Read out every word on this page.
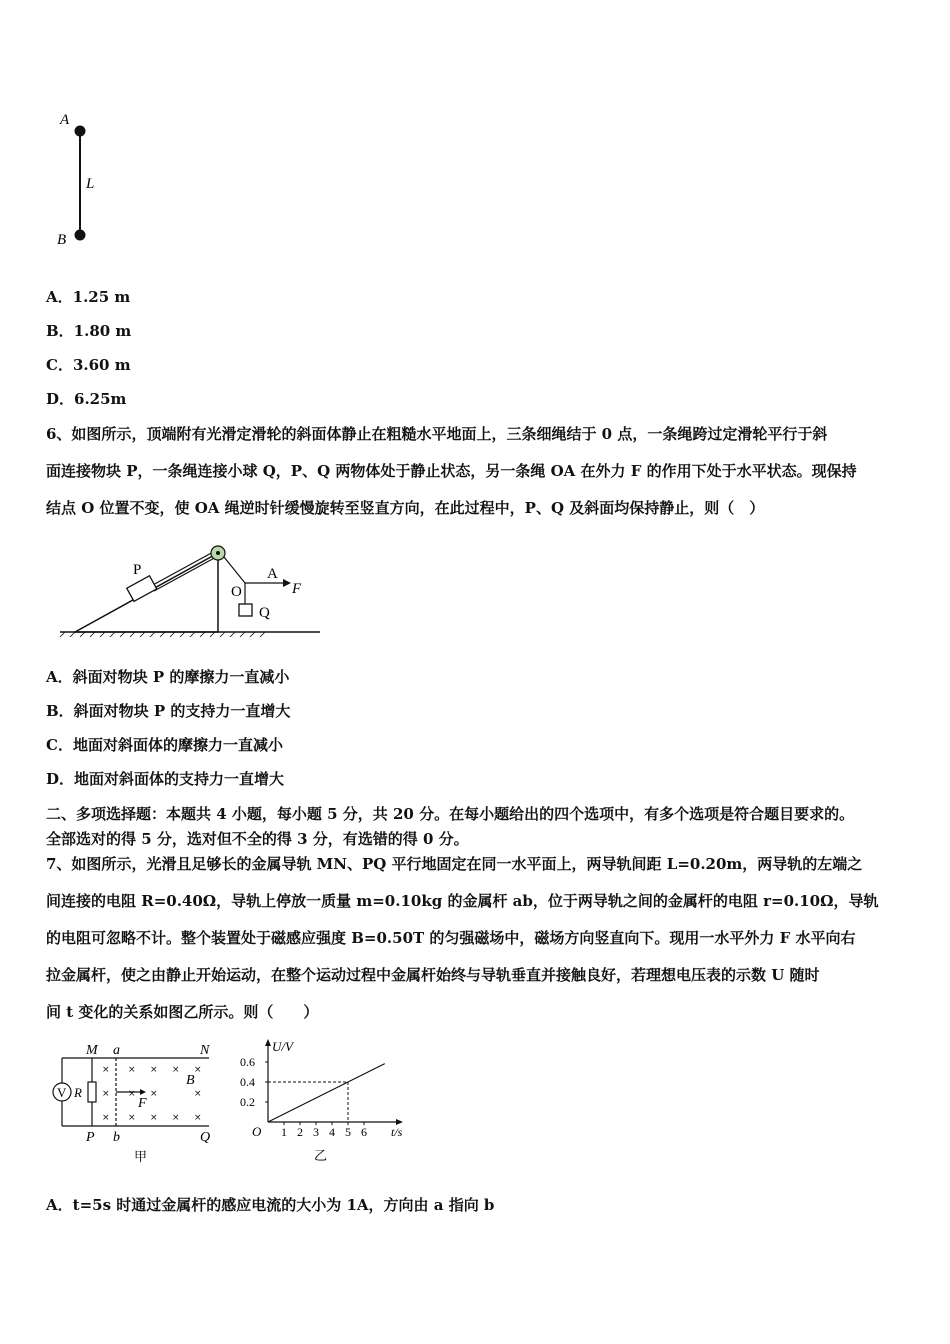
A
L
B
A．1.25 m
B．1.80 m
C．3.60 m
D．6.25m
6、如图所示，顶端附有光滑定滑轮的斜面体静止在粗糙水平地面上，三条细绳结于 0 点，一条绳跨过定滑轮平行于斜
面连接物块 P，一条绳连接小球 Q，P、Q 两物体处于静止状态，另一条绳 OA 在外力 F 的作用下处于水平状态。现保持
结点 O 位置不变，使 OA 绳逆时针缓慢旋转至竖直方向，在此过程中，P、Q 及斜面均保持静止，则（　）
P
O
A
F
Q
A．斜面对物块 P 的摩擦力一直减小
B．斜面对物块 P 的支持力一直增大
C．地面对斜面体的摩擦力一直减小
D．地面对斜面体的支持力一直增大
二、多项选择题：本题共 4 小题，每小题 5 分，共 20 分。在每小题给出的四个选项中，有多个选项是符合题目要求的。
全部选对的得 5 分，选对但不全的得 3 分，有选错的得 0 分。
7、如图所示，光滑且足够长的金属导轨 MN、PQ 平行地固定在同一水平面上，两导轨间距 L=0.20m，两导轨的左端之
间连接的电阻 R=0.40Ω，导轨上停放一质量 m=0.10kg 的金属杆 ab，位于两导轨之间的金属杆的电阻 r=0.10Ω，导轨
的电阻可忽略不计。整个装置处于磁感应强度 B=0.50T 的匀强磁场中，磁场方向竖直向下。现用一水平外力 F 水平向右
拉金属杆，使之由静止开始运动，在整个运动过程中金属杆始终与导轨垂直并接触良好，若理想电压表的示数 U 随时
间 t 变化的关系如图乙所示。则（　　）
M a	N
V R
× × × × ×
× × ×	×
× × × × ×
B
F
P b	Q
甲
U/V
t/s
O
0.2
0.4
0.6
1 2 3 4 5 6
乙
A．t=5s 时通过金属杆的感应电流的大小为 1A，方向由 a 指向 b
